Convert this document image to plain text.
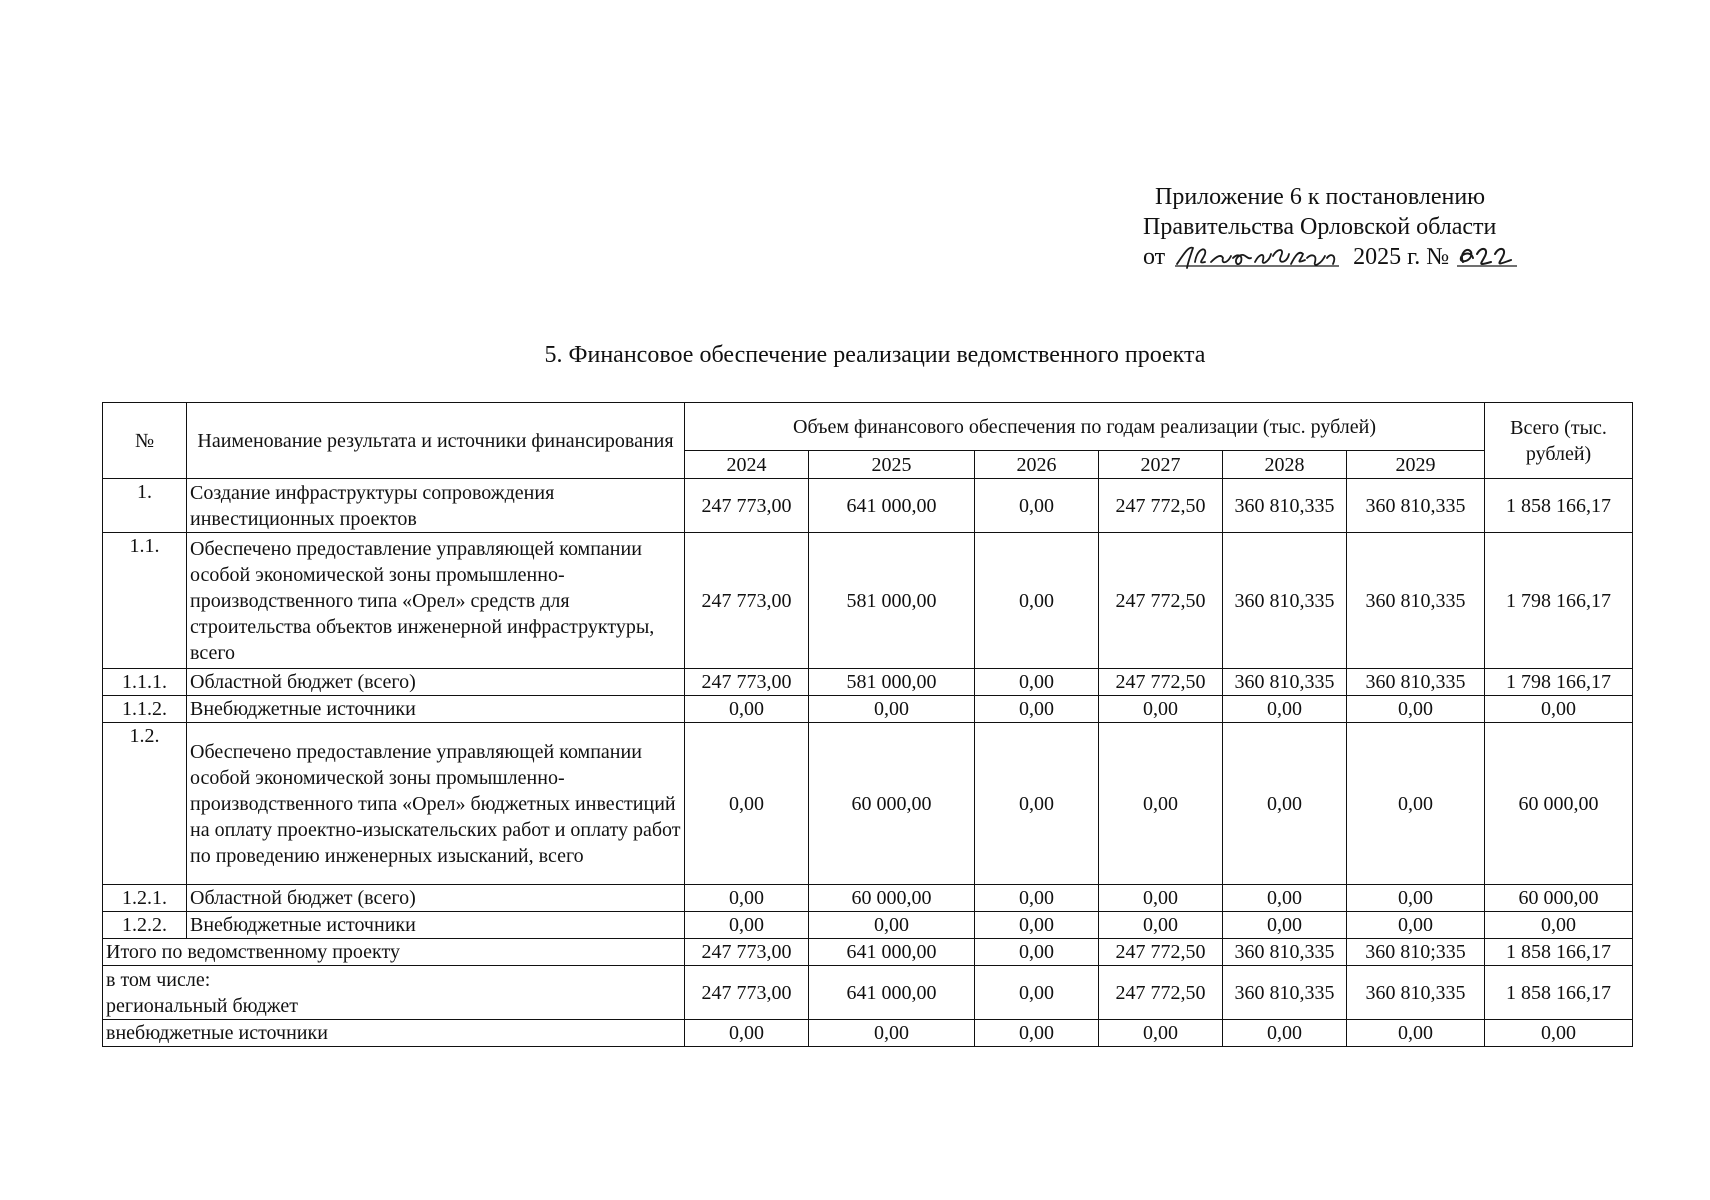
Приложение 6 к постановлению
Правительства Орловской области
от	2025 г. №
5. Финансовое обеспечение реализации ведомственного проекта
№	Наименование результата и источники финансирования	Объем финансового обеспечения по годам реализации (тыс. рублей)						Всего (тыс. рублей)
		2024	2025	2026	2027	2028	2029	
1.	Создание инфраструктуры сопровождения инвестиционных проектов	247 773,00	641 000,00	0,00	247 772,50	360 810,335	360 810,335	1 858 166,17
1.1.	Обеспечено предоставление управляющей компании особой экономической зоны промышленно-производственного типа «Орел» средств для строительства объектов инженерной инфраструктуры, всего	247 773,00	581 000,00	0,00	247 772,50	360 810,335	360 810,335	1 798 166,17
1.1.1.	Областной бюджет (всего)	247 773,00	581 000,00	0,00	247 772,50	360 810,335	360 810,335	1 798 166,17
1.1.2.	Внебюджетные источники	0,00	0,00	0,00	0,00	0,00	0,00	0,00
1.2.	Обеспечено предоставление управляющей компании особой экономической зоны промышленно-производственного типа «Орел» бюджетных инвестиций на оплату проектно-изыскательских работ и оплату работ по проведению инженерных изысканий, всего	0,00	60 000,00	0,00	0,00	0,00	0,00	60 000,00
1.2.1.	Областной бюджет (всего)	0,00	60 000,00	0,00	0,00	0,00	0,00	60 000,00
1.2.2.	Внебюджетные источники	0,00	0,00	0,00	0,00	0,00	0,00	0,00
Итого по ведомственному проекту		247 773,00	641 000,00	0,00	247 772,50	360 810,335	360 810;335	1 858 166,17

в том числе:
региональный бюджет		247 773,00	641 000,00	0,00	247 772,50	360 810,335	360 810,335	1 858 166,17
внебюджетные источники		0,00	0,00	0,00	0,00	0,00	0,00	0,00
